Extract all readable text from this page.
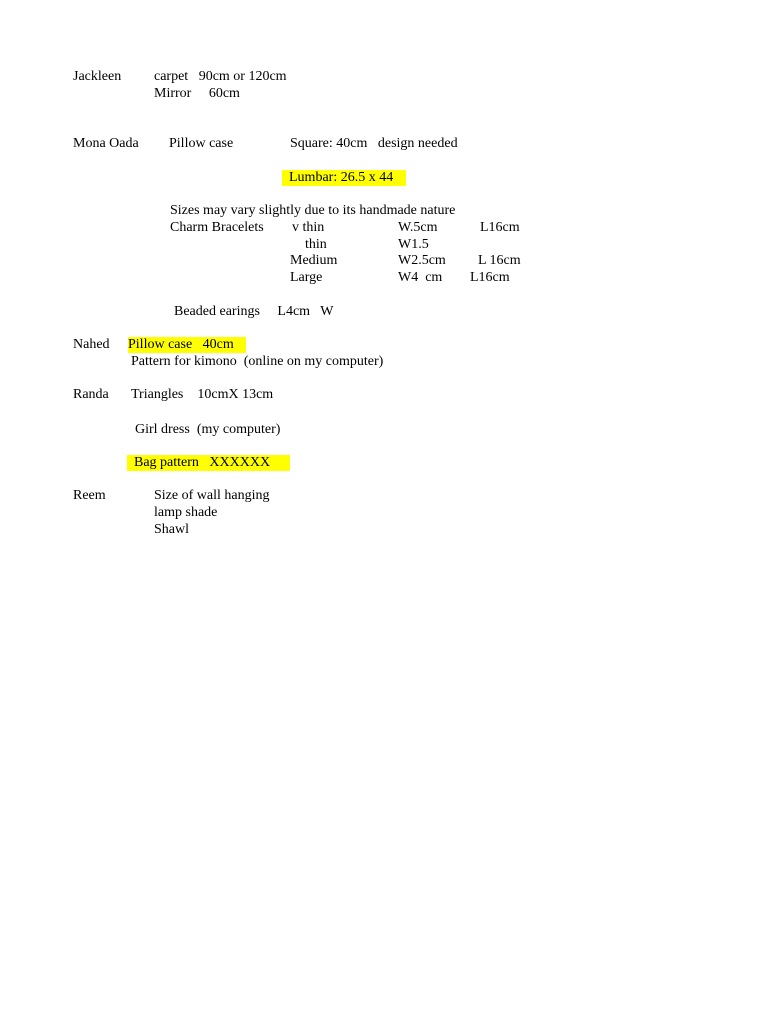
Jackleen carpet   90cm or 120cm
Mirror     60cm
Mona Oada Pillow case	Square: 40cm   design needed
Lumbar: 26.5 x 44
Sizes may vary slightly due to its handmade nature
Charm Bracelets v thin	W.5cm	L16cm
thin	W1.5
Medium	W2.5cm L 16cm
Large	W4  cm L16cm
Beaded earings     L4cm   W
Nahed Pillow case   40cm
Pattern for kimono  (online on my computer)
Randa Triangles    10cmX 13cm
Girl dress  (my computer)
Bag pattern   XXXXXX
Reem	Size of wall hanging
lamp shade
Shawl
